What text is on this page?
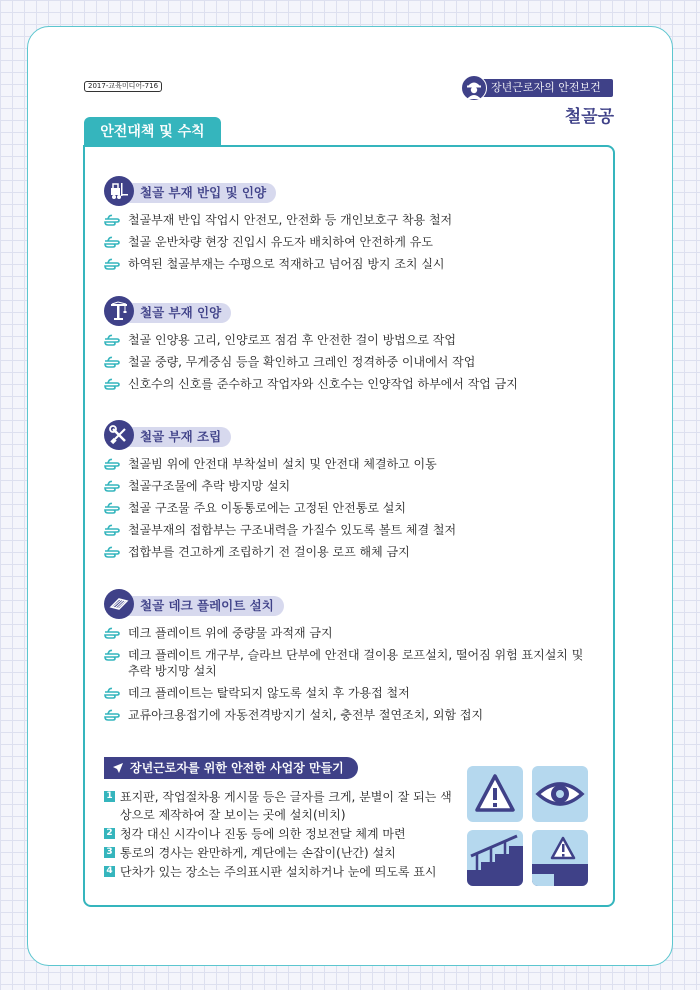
2017-교육미디어-716	장년근로자의 안전보건
철골공
안전대책 및 수칙
철골 부재 반입 및 인양
철골부재 반입 작업시 안전모, 안전화 등 개인보호구 착용 철저
철골 운반차량 현장 진입시 유도자 배치하여 안전하게 유도
하역된 철골부재는 수평으로 적재하고 넘어짐 방지 조치 실시
철골 부재 인양
철골 인양용 고리, 인양로프 점검 후 안전한 걸이 방법으로 작업
철골 중량, 무게중심 등을 확인하고 크레인 정격하중 이내에서 작업
신호수의 신호를 준수하고 작업자와 신호수는 인양작업 하부에서 작업 금지
철골 부재 조립
철골빔 위에 안전대 부착설비 설치 및 안전대 체결하고 이동
철골구조물에 추락 방지망 설치
철골 구조물 주요 이동통로에는 고정된 안전통로 설치
철골부재의 접합부는 구조내력을 가질수 있도록 볼트 체결 철저
접합부를 견고하게 조립하기 전 걸이용 로프 해체 금지
철골 데크 플레이트 설치
데크 플레이트 위에 중량물 과적재 금지
데크 플레이트 개구부, 슬라브 단부에 안전대 걸이용 로프설치, 떨어짐 위험 표지설치 및 추락 방지망 설치
데크 플레이트는 탈락되지 않도록 설치 후 가용접 철저
교류아크용접기에 자동전격방지기 설치, 충전부 절연조치, 외함 접지
장년근로자를 위한 안전한 사업장 만들기
1 표지판, 작업절차용 게시물 등은 글자를 크게, 분별이 잘 되는 색상으로 제작하여 잘 보이는 곳에 설치(비치)
2 청각 대신 시각이나 진동 등에 의한 정보전달 체계 마련
3 통로의 경사는 완만하게, 계단에는 손잡이(난간) 설치
4 단차가 있는 장소는 주의표시판 설치하거나 눈에 띄도록 표시
